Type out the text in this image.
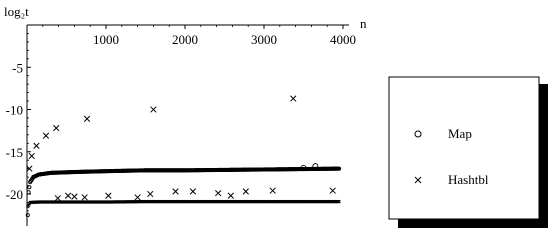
log₂t
n
1000	2000	3000	4000
-5
-10
-15
-20
Map
Hashtbl
